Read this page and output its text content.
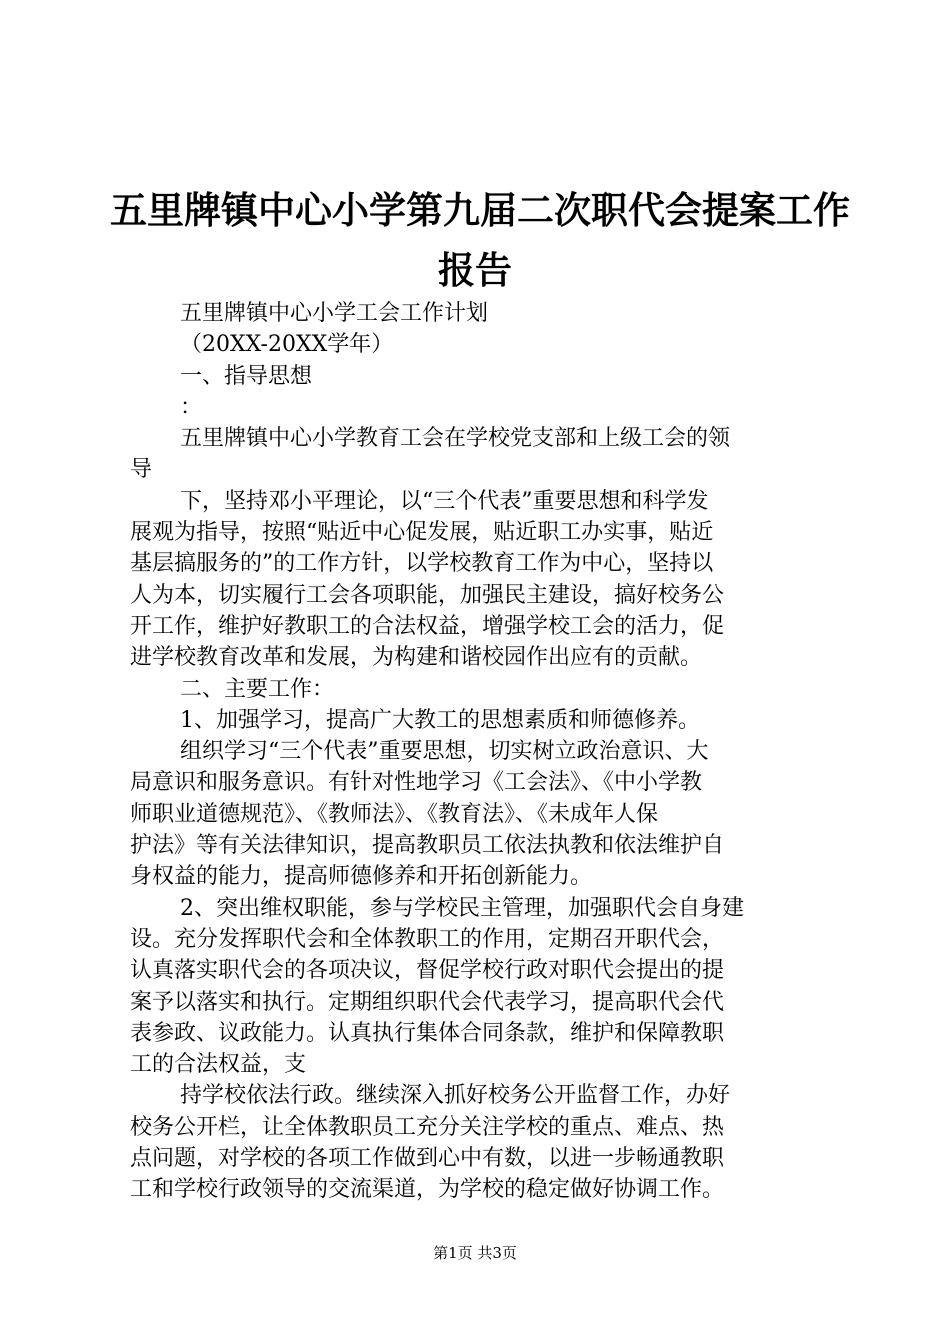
五里牌镇中心小学第九届二次职代会提案工作
报告
五里牌镇中心小学工会工作计划
（20XX-20XX学年）
一、指导思想
：
五里牌镇中心小学教育工会在学校党支部和上级工会的领
导
下，坚持邓小平理论，以“三个代表”重要思想和科学发
展观为指导，按照“贴近中心促发展，贴近职工办实事，贴近
基层搞服务的”的工作方针，以学校教育工作为中心，坚持以
人为本，切实履行工会各项职能，加强民主建设，搞好校务公
开工作，维护好教职工的合法权益，增强学校工会的活力，促
进学校教育改革和发展，为构建和谐校园作出应有的贡献。
二、主要工作：
1、加强学习，提高广大教工的思想素质和师德修养。
组织学习“三个代表”重要思想，切实树立政治意识、大
局意识和服务意识。有针对性地学习《工会法》、《中小学教
师职业道德规范》、《教师法》、《教育法》、《未成年人保
护法》等有关法律知识，提高教职员工依法执教和依法维护自
身权益的能力，提高师德修养和开拓创新能力。
2、突出维权职能，参与学校民主管理，加强职代会自身建
设。充分发挥职代会和全体教职工的作用，定期召开职代会，
认真落实职代会的各项决议，督促学校行政对职代会提出的提
案予以落实和执行。定期组织职代会代表学习，提高职代会代
表参政、议政能力。认真执行集体合同条款，维护和保障教职
工的合法权益，支
持学校依法行政。继续深入抓好校务公开监督工作，办好
校务公开栏，让全体教职员工充分关注学校的重点、难点、热
点问题，对学校的各项工作做到心中有数，以进一步畅通教职
工和学校行政领导的交流渠道，为学校的稳定做好协调工作。
第1页 共3页
